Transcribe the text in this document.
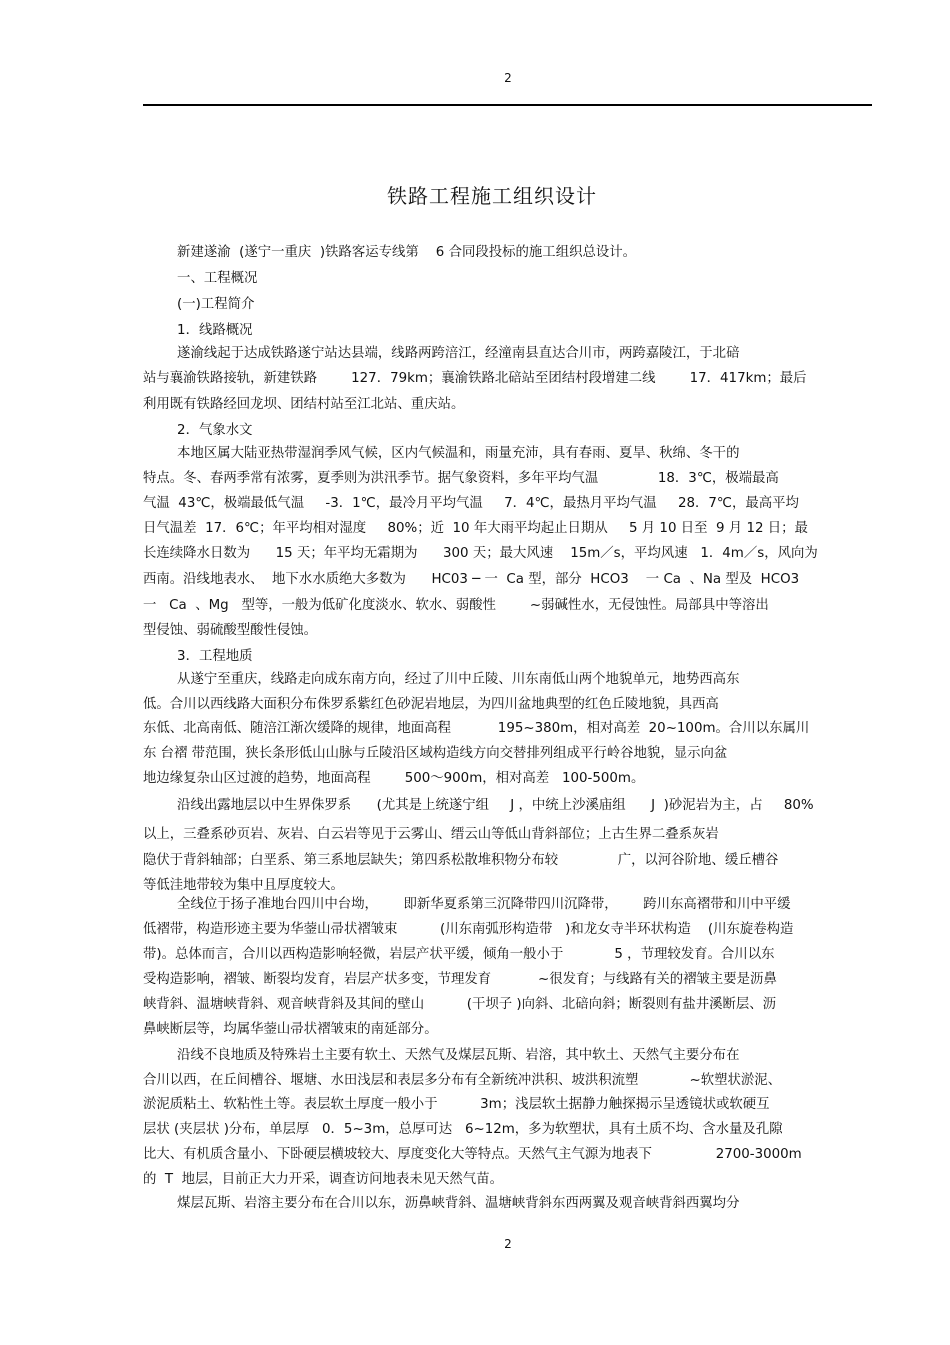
2
铁路工程施工组织设计
新建遂渝  (遂宁一重庆  )铁路客运专线第    6 合同段投标的施工组织总设计。
一、工程概况
(一)工程简介
1．线路概况
遂渝线起于达成铁路遂宁站达县端，线路两跨涪江，经潼南县直达合川市，两跨嘉陵江，于北碚
站与襄渝铁路接轨，新建铁路        127．79km；襄渝铁路北碚站至团结村段增建二线        17．417km；最后
利用既有铁路经回龙坝、团结村站至江北站、重庆站。
2．气象水文
本地区属大陆亚热带湿润季风气候，区内气候温和，雨量充沛，具有春雨、夏旱、秋绵、冬干的
特点。冬、春两季常有浓雾，夏季则为洪汛季节。据气象资料，多年平均气温              18．3℃，极端最高
气温  43℃，极端最低气温     -3．1℃，最冷月平均气温     7．4℃，最热月平均气温     28．7℃，最高平均
日气温差  17．6℃；年平均相对湿度     80%；近  10 年大雨平均起止日期从     5 月 10 日至  9 月 12 日；最
长连续降水日数为      15 天；年平均无霜期为      300 天；最大风速    15m／s，平均风速   1．4m／s，风向为
西南。沿线地表水、  地下水水质绝大多数为      HC03 ─ 一  Ca 型，部分  HCO3    一 Ca  、Na 型及  HCO3
一   Ca  、Mg   型等，一般为低矿化度淡水、软水、弱酸性        ~弱碱性水，无侵蚀性。局部具中等溶出
型侵蚀、弱硫酸型酸性侵蚀。
3．工程地质
从遂宁至重庆，线路走向成东南方向，经过了川中丘陵、川东南低山两个地貌单元，地势西高东
低。合川以西线路大面积分布侏罗系紫红色砂泥岩地层，为四川盆地典型的红色丘陵地貌，具西高
东低、北高南低、随涪江渐次缓降的规律，地面高程           195~380m，相对高差  20~100m。合川以东属川
东 台褶 带范围，狭长条形低山山脉与丘陵沿区域构造线方向交替排列组成平行岭谷地貌，显示向盆
地边缘复杂山区过渡的趋势，地面高程        500～900m，相对高差   100-500m。
沿线出露地层以中生界侏罗系      (尤其是上统遂宁组     J ，中统上沙溪庙组      J  )砂泥岩为主，占     80%
以上，三叠系砂页岩、灰岩、白云岩等见于云雾山、缙云山等低山背斜部位；上古生界二叠系灰岩
隐伏于背斜轴部；白垩系、第三系地层缺失；第四系松散堆积物分布较              广，以河谷阶地、缓丘槽谷
等低洼地带较为集中且厚度较大。
全线位于扬子准地台四川中台坳，      即新华夏系第三沉降带四川沉降带，      跨川东高褶带和川中平缓
低褶带，构造形迹主要为华蓥山帚状褶皱束          (川东南弧形构造带   )和龙女寺半环状构造    (川东旋卷构造
带)。总体而言，合川以西构造影响轻微，岩层产状平缓，倾角一般小于            5 ，节理较发育。合川以东
受构造影响，褶皱、断裂均发育，岩层产状多变，节理发育           ~很发育；与线路有关的褶皱主要是沥鼻
峡背斜、温塘峡背斜、观音峡背斜及其间的壁山          (干坝子 )向斜、北碚向斜；断裂则有盐井溪断层、沥
鼻峡断层等，均属华蓥山帚状褶皱束的南延部分。
沿线不良地质及特殊岩土主要有软土、天然气及煤层瓦斯、岩溶，其中软土、天然气主要分布在
合川以西，在丘间槽谷、堰塘、水田浅层和表层多分布有全新统冲洪积、坡洪积流塑            ~软塑状淤泥、
淤泥质粘土、软粘性土等。表层软土厚度一般小于          3m；浅层软土据静力触探揭示呈透镜状或软硬互
层状 (夹层状 )分布，单层厚   0．5~3m，总厚可达   6~12m，多为软塑状，具有土质不均、含水量及孔隙
比大、有机质含量小、下卧硬层横坡较大、厚度变化大等特点。天然气主气源为地表下               2700-3000m
的  T  地层，目前正大力开采，调查访问地表未见天然气苗。
煤层瓦斯、岩溶主要分布在合川以东，沥鼻峡背斜、温塘峡背斜东西两翼及观音峡背斜西翼均分
2
